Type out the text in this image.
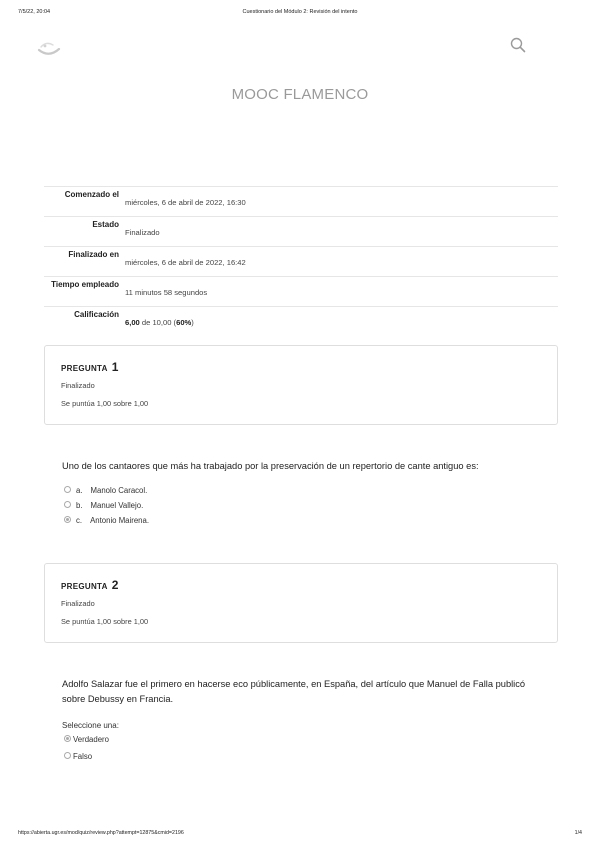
7/5/22, 20:04	Cuestionario del Módulo 2: Revisión del intento
MOOC FLAMENCO
Comenzado el
miércoles, 6 de abril de 2022, 16:30
Estado
Finalizado
Finalizado en
miércoles, 6 de abril de 2022, 16:42
Tiempo empleado
11 minutos 58 segundos
Calificación
6,00 de 10,00 (60%)
PREGUNTA 1
Finalizado
Se puntúa 1,00 sobre 1,00
Uno de los cantaores que más ha trabajado por la preservación de un repertorio de cante antiguo es:
a. Manolo Caracol.
b. Manuel Vallejo.
c. Antonio Mairena.
PREGUNTA 2
Finalizado
Se puntúa 1,00 sobre 1,00
Adolfo Salazar fue el primero en hacerse eco públicamente, en España, del artículo que Manuel de Falla publicó sobre Debussy en Francia.
Seleccione una:
Verdadero
Falso
https://abierta.ugr.es/mod/quiz/review.php?attempt=12875&cmid=2196	1/4
